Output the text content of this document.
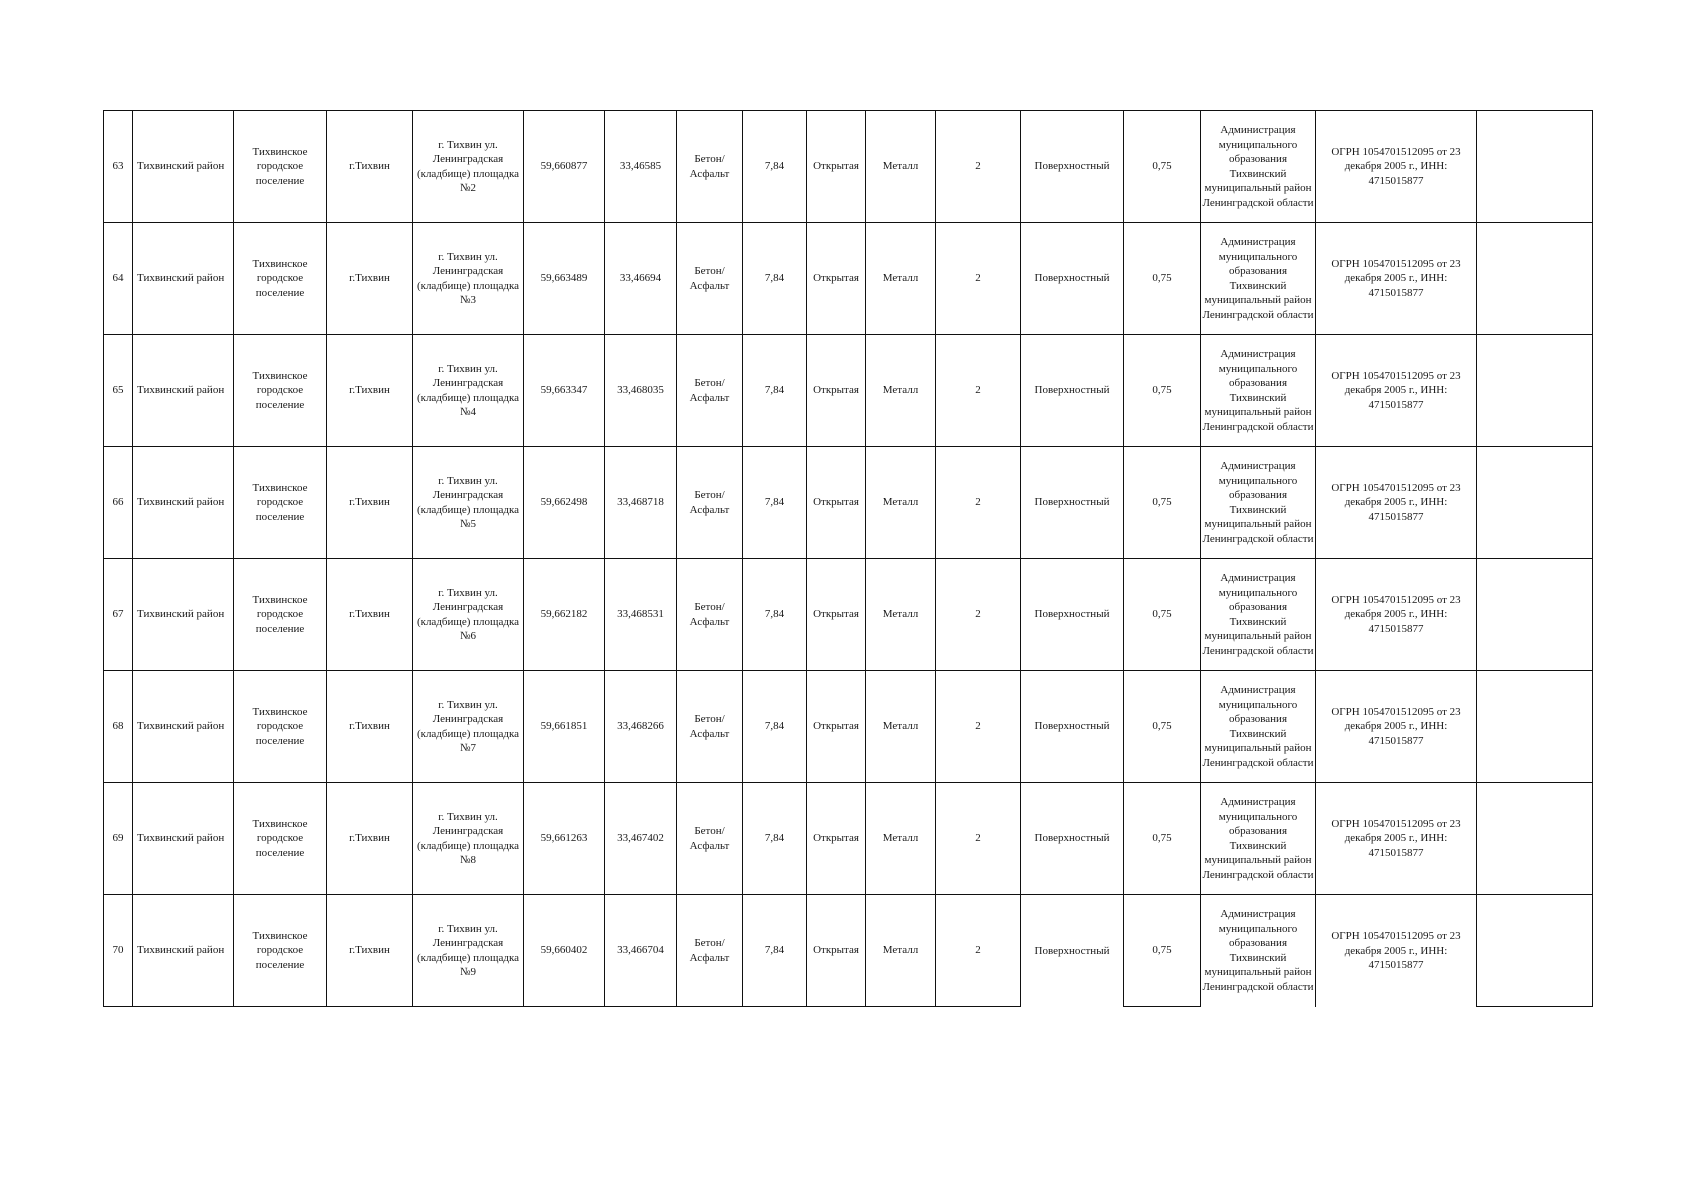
63	Тихвинский район	Тихвинское городское поселение	г.Тихвин	г. Тихвин ул. Ленинградская (кладбище) площадка №2	59,660877	33,46585	Бетон/Асфальт	7,84	Открытая	Металл	2	Поверхностный	0,75	Администрация муниципального образования Тихвинский муниципальный район Ленинградской области	ОГРН 1054701512095 от 23 декабря 2005 г., ИНН: 4715015877	
64	Тихвинский район	Тихвинское городское поселение	г.Тихвин	г. Тихвин ул. Ленинградская (кладбище) площадка №3	59,663489	33,46694	Бетон/Асфальт	7,84	Открытая	Металл	2	Поверхностный	0,75	Администрация муниципального образования Тихвинский муниципальный район Ленинградской области	ОГРН 1054701512095 от 23 декабря 2005 г., ИНН: 4715015877	
65	Тихвинский район	Тихвинское городское поселение	г.Тихвин	г. Тихвин ул. Ленинградская (кладбище) площадка №4	59,663347	33,468035	Бетон/Асфальт	7,84	Открытая	Металл	2	Поверхностный	0,75	Администрация муниципального образования Тихвинский муниципальный район Ленинградской области	ОГРН 1054701512095 от 23 декабря 2005 г., ИНН: 4715015877	
66	Тихвинский район	Тихвинское городское поселение	г.Тихвин	г. Тихвин ул. Ленинградская (кладбище) площадка №5	59,662498	33,468718	Бетон/Асфальт	7,84	Открытая	Металл	2	Поверхностный	0,75	Администрация муниципального образования Тихвинский муниципальный район Ленинградской области	ОГРН 1054701512095 от 23 декабря 2005 г., ИНН: 4715015877	
67	Тихвинский район	Тихвинское городское поселение	г.Тихвин	г. Тихвин ул. Ленинградская (кладбище) площадка №6	59,662182	33,468531	Бетон/Асфальт	7,84	Открытая	Металл	2	Поверхностный	0,75	Администрация муниципального образования Тихвинский муниципальный район Ленинградской области	ОГРН 1054701512095 от 23 декабря 2005 г., ИНН: 4715015877	
68	Тихвинский район	Тихвинское городское поселение	г.Тихвин	г. Тихвин ул. Ленинградская (кладбище) площадка №7	59,661851	33,468266	Бетон/Асфальт	7,84	Открытая	Металл	2	Поверхностный	0,75	Администрация муниципального образования Тихвинский муниципальный район Ленинградской области	ОГРН 1054701512095 от 23 декабря 2005 г., ИНН: 4715015877	
69	Тихвинский район	Тихвинское городское поселение	г.Тихвин	г. Тихвин ул. Ленинградская (кладбище) площадка №8	59,661263	33,467402	Бетон/Асфальт	7,84	Открытая	Металл	2	Поверхностный	0,75	Администрация муниципального образования Тихвинский муниципальный район Ленинградской области	ОГРН 1054701512095 от 23 декабря 2005 г., ИНН: 4715015877	
70	Тихвинский район	Тихвинское городское поселение	г.Тихвин	г. Тихвин ул. Ленинградская (кладбище) площадка №9	59,660402	33,466704	Бетон/Асфальт	7,84	Открытая	Металл	2	Поверхностный	0,75	Администрация муниципального образования Тихвинский муниципальный район Ленинградской области	ОГРН 1054701512095 от 23 декабря 2005 г., ИНН: 4715015877	
